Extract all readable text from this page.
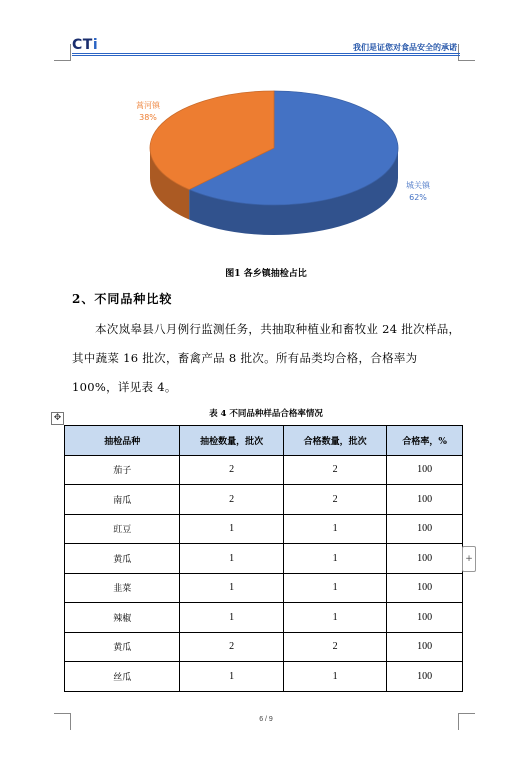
CTi	我们是证您对食品安全的承诺
蒿河镇
38%
城关镇
62%
图1 各乡镇抽检占比
2、不同品种比较
本次岚皋县八月例行监测任务，共抽取种植业和畜牧业 24 批次样品，其中蔬菜 16 批次，畜禽产品 8 批次。所有品类均合格，合格率为 100%，详见表 4。
✥	表 4 不同品种样品合格率情况
抽检品种	抽检数量，批次	合格数量，批次	合格率，%
茄子	2	2	100
南瓜	2	2	100
豇豆	1	1	100
黄瓜	1	1	100
韭菜	1	1	100
辣椒	1	1	100
黄瓜	2	2	100
丝瓜	1	1	100
+
6 / 9
